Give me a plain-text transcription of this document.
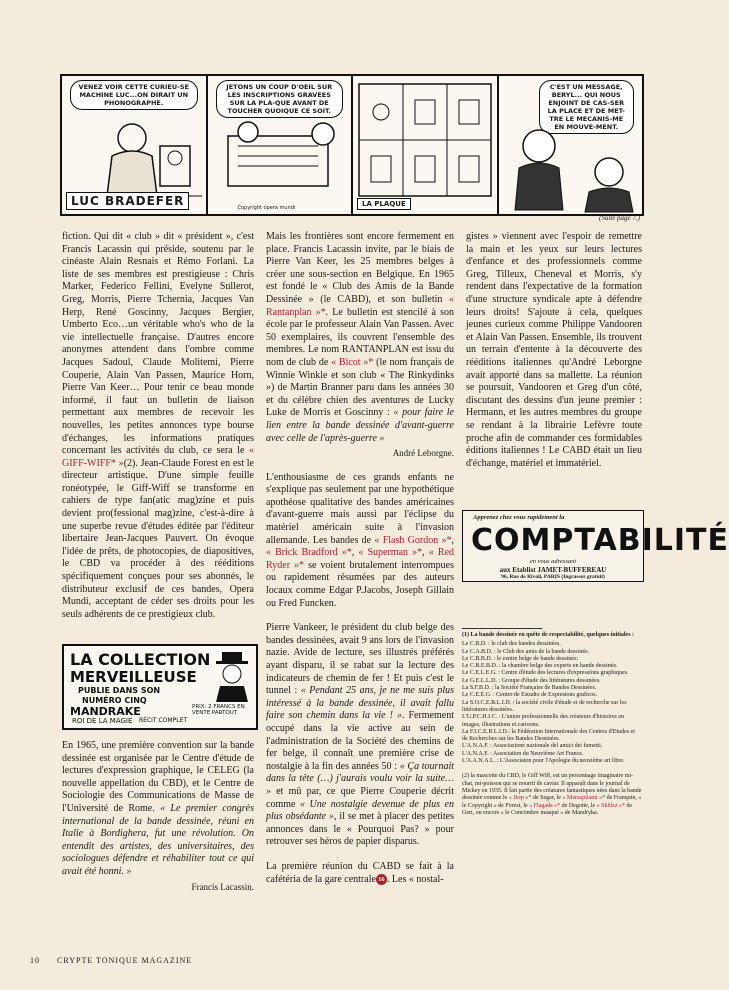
VENEZ VOIR CETTE CURIEU-SE MACHINE LUC...ON DIRAIT UN PHONOGRAPHE.
LUC BRADEFER
JETONS UN COUP D'OEIL SUR LES INSCRIPTIONS GRAVEES SUR LA PLA-QUE AVANT DE TOUCHER QUOIQUE CE SOIT.
Copyright opera mundi	LA PLAQUE
C'EST UN MESSAGE, BERYL... QUI NOUS ENJOINT DE CAS-SER LA PLACE ET DE MET-TRE LE MECANIS-ME EN MOUVE-MENT.
(Suite page 7.)

fiction. Qui dit « club » dit « président », c'est Francis Lacassin qui préside, soutenu par le cinéaste Alain Resnais et Rémo Forlani. La liste de ses membres est prestigieuse : Chris Marker, Federico Fellini, Evelyne Sullerot, Greg, Morris, Pierre Tchernia, Jacques Van Herp, René Goscinny, Jacques Bergier, Umberto Eco…un véritable who's who de la vie intellectuelle française. D'autres encore anonymes attendent dans l'ombre comme Jacques Sadoul, Claude Molitemi, Pierre Couperie, Alain Van Passen, Maurice Horn, Pierre Van Keer… Pour tenir ce beau monde informé, il faut un bulletin de liaison permettant aux membres de recevoir les nouvelles, les petites annonces type bourse d'échanges, les informations pratiques concernant les activités du club, ce sera le « GIFF-WIFF* »(2). Jean-Claude Forest en est le directeur artistique. D'une simple feuille ronéotypée, le Giff-Wiff se transforme en cahiers de type fan(atic mag)zine et puis devient pro(fessional mag)zine, c'est-à-dire à une superbe revue d'études éditée par l'éditeur libertaire Jean-Jacques Pauvert. On évoque l'idée de prêts, de photocopies, de diapositives, le CBD va procéder à des rééditions spécifiquement conçues pour ses abonnés, le distributeur exclusif de ces bandes, Opera Mundi, acceptant de céder ses droits pour les seuls adhérents de ce prestigieux club.

LA COLLECTION
MERVEILLEUSE
PUBLIE DANS SON
NUMÉRO CINQ
MANDRAKE
ROI DE LA MAGIE RÉCIT COMPLET
PRIX: 2 FRANCS EN VENTE PARTOUT

En 1965, une première convention sur la bande dessinée est organisée par le Centre d'étude de lectures d'expression graphique, le CELEG (la nouvelle appellation du CBD), et le Centre de Sociologie des Communications de Masse de l'Université de Rome. « Le premier congrès international de la bande dessinée, réuni en Italie à Bordighera, fut une révolution. On entendit des artistes, des universitaires, des sociologues défendre et réhabiliter tout ce qui avait été honni. »

Francis Lacassin.

Mais les frontières sont encore fermement en place. Francis Lacassin invite, par le biais de Pierre Van Keer, les 25 membres belges à créer une sous-section en Belgique. En 1965 est fondé le « Club des Amis de la Bande Dessinée » (le CABD), et son bulletin « Rantanplan »*. Le bulletin est stencilé à son école par le professeur Alain Van Passen. Avec 50 exemplaires, ils couvrent l'ensemble des membres. Le nom RANTANPLAN est issu du nom de club de « Bicot »* (le nom français de Winnie Winkle et son club « The Rinkydinks ») de Martin Branner paru dans les années 30 et du célèbre chien des aventures de Lucky Luke de Morris et Goscinny : « pour faire le lien entre la bande dessinée d'avant-guerre avec celle de l'après-guerre »

André Leborgne.

L'enthousiasme de ces grands enfants ne s'explique pas seulement par une hypothétique apothéose qualitative des bandes américaines d'avant-guerre mais aussi par l'éclipse du matériel américain suite à l'invasion allemande. Les bandes de « Flash Gordon »*, « Brick Bradford »*, « Superman »*, « Red Ryder »* se voient brutalement interrompues ou rapidement résumées par des auteurs locaux comme Edgar P.Jacobs, Joseph Gillain ou Fred Funcken.

Pierre Vankeer, le président du club belge des bandes dessinées, avait 9 ans lors de l'invasion nazie. Avide de lecture, ses illustrés préférés ayant disparu, il se rabat sur la lecture des indicateurs de chemin de fer ! Et puis c'est le tunnel : « Pendant 25 ans, je ne me suis plus intéressé à la bande dessinée, il avait fallu faire son chemin dans la vie ! ». Fermement occupé dans la vie active au sein de l'administration de la Société des chemins de fer belge, il connaît une première crise de nostalgie à la fin des années 50 : « Ça tournait dans la tête (…) j'aurais voulu voir la suite… » et mû par, ce que Pierre Couperie décrit comme « Une nostalgie devenue de plus en plus obsédante », il se met à placer des petites annonces dans le « Pourquoi Pas? » pour retrouver ses héros de papier disparus.

La première réunion du CABD se fait à la cafétéria de la gare centrale 16 . Les « nostal-

gistes » viennent avec l'espoir de remettre la main et les yeux sur leurs lectures d'enfance et des professionnels comme Greg, Tilleux, Cheneval et Morris, s'y rendent dans l'expectative de la formation d'une structure syndicale apte à défendre leurs droits! S'ajoute à cela, quelques jeunes curieux comme Philippe Vandooren et Alain Van Passen. Ensemble, ils trouvent un terrain d'entente à la découverte des rééditions italiennes qu'André Leborgne avait apporté dans sa mallette. La réunion se poursuit, Vandooren et Greg d'un côté, discutant des dessins d'un jeune premier : Hermann, et les autres membres du groupe se rendant à la librairie Lefèvre toute proche afin de commander ces formidables éditions italiennes ! Le CABD était un lieu d'échange, matériel et immatériel.

Apprenez chez vous rapidement la
COMPTABILITÉ
en vous adressant
aux Etablist JAMET-BUFFEREAU
96, Rue de Rivoli, PARIS (Ingrassez gratuit)
(1) La bande dessinée en quête de respectabilité, quelques initiales :

Le C.B.D. : le club des bandes dessinées.

Le C.A.B.D. : le Club des amis de la bande dessinée.

Le C.B.B.D. : le centre belge de bande dessinée.

Le C.B.E.B.D. : la chambre belge des experts en bande dessinée.

Le C.E.L.E.G. : Centre d'étude des lectures d'expressions graphiques.

Le G.E.L.L.D. : Groupe d'étude des littératures dessinées.

La S.F.B.D. : la Société Française de Bandes Dessinées.

Le C.E.E.G. : Centro de Estudio de Expresions graficos.

La S.O.C.E.R.L.I.D. : la société civile d'étude et de recherche sur les littératures dessinées.

L'U.P.C.H.I.C. : L'union professionnelle des créateurs d'histoires en images, illustrations et cartoons.

La F.I.C.E.R.L.I.D.: la Fédération Internationale des Centres d'Etudes et de Recherches sur les Bandes Dessinées.

L'A.N.A.F. : Associazione nazionale del amici dei fumetti.

L'A.N.A.F. : Association du Neuvième Art France.

L'A.A.N.A.L. : L'Associaton pour l'Apologie du neuvième art libre.

(2) la mascotte du CBD, le Giff Wiff, est un personnage imaginaire mi-chat, mi-poisson qui se nourrit de caviar. Il apparaît dans le journal de Mickey en 1935. Il fait partie des créatures fantastiques nées dans la bande dessinée comme le « Jeep »* de Segar, le « Marsupilami »* de Franquin, « le Copyright » de Forest, le « Flagada »* de Degotte, le « Skblzz »* de Geri, ou encore « le Concombre masqué » de Mandryka.

10 CRYPTE TONIQUE MAGAZINE
